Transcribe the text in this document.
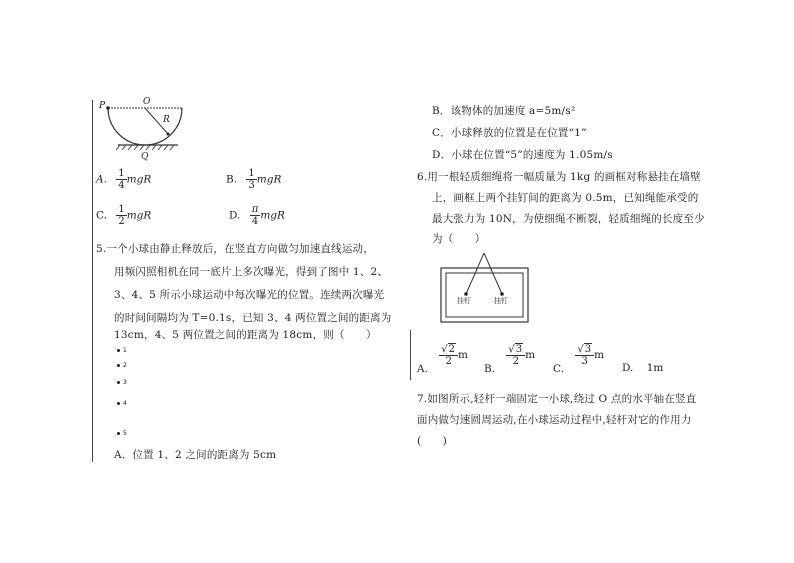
P	O
R
Q
A. $\frac{1}{4}$ mgR	B. $\frac{1}{3}$ mgR
C. $\frac{1}{2}$ mgR	D. $\frac{\pi}{4}$ mgR
5.一个小球由静止释放后，在竖直方向做匀加速直线运动，
用频闪照相机在同一底片上多次曝光，得到了图中 1、2、
3、4、5 所示小球运动中每次曝光的位置。连续两次曝光
的时间间隔均为 T=0.1s，已知 3、4 两位置之间的距离为
13cm，4、5 两位置之间的距离为 18cm，则（　　）
1
2
3
4
5
A．位置 1、2 之间的距离为 5cm
B．该物体的加速度 a=5m/s²
C．小球释放的位置是在位置“1”
D．小球在位置“5”的速度为 1.05m/s
6.用一根轻质细绳将一幅质量为 1kg 的画框对称悬挂在墙壁
上，画框上两个挂钉间的距离为 0.5m，已知绳能承受的
最大张力为 10N，为使细绳不断裂，轻质细绳的长度至少
为（　　）
挂钉	挂钉
A.
$\frac{√2}{2}$ m
B.
$\frac{√3}{2}$ m
C.
$\frac{√3}{3}$ m
D. 1m
7.如图所示,轻杆一端固定一小球,绕过 O 点的水平轴在竖直
面内做匀速圆周运动,在小球运动过程中,轻杆对它的作用力
(　　)
